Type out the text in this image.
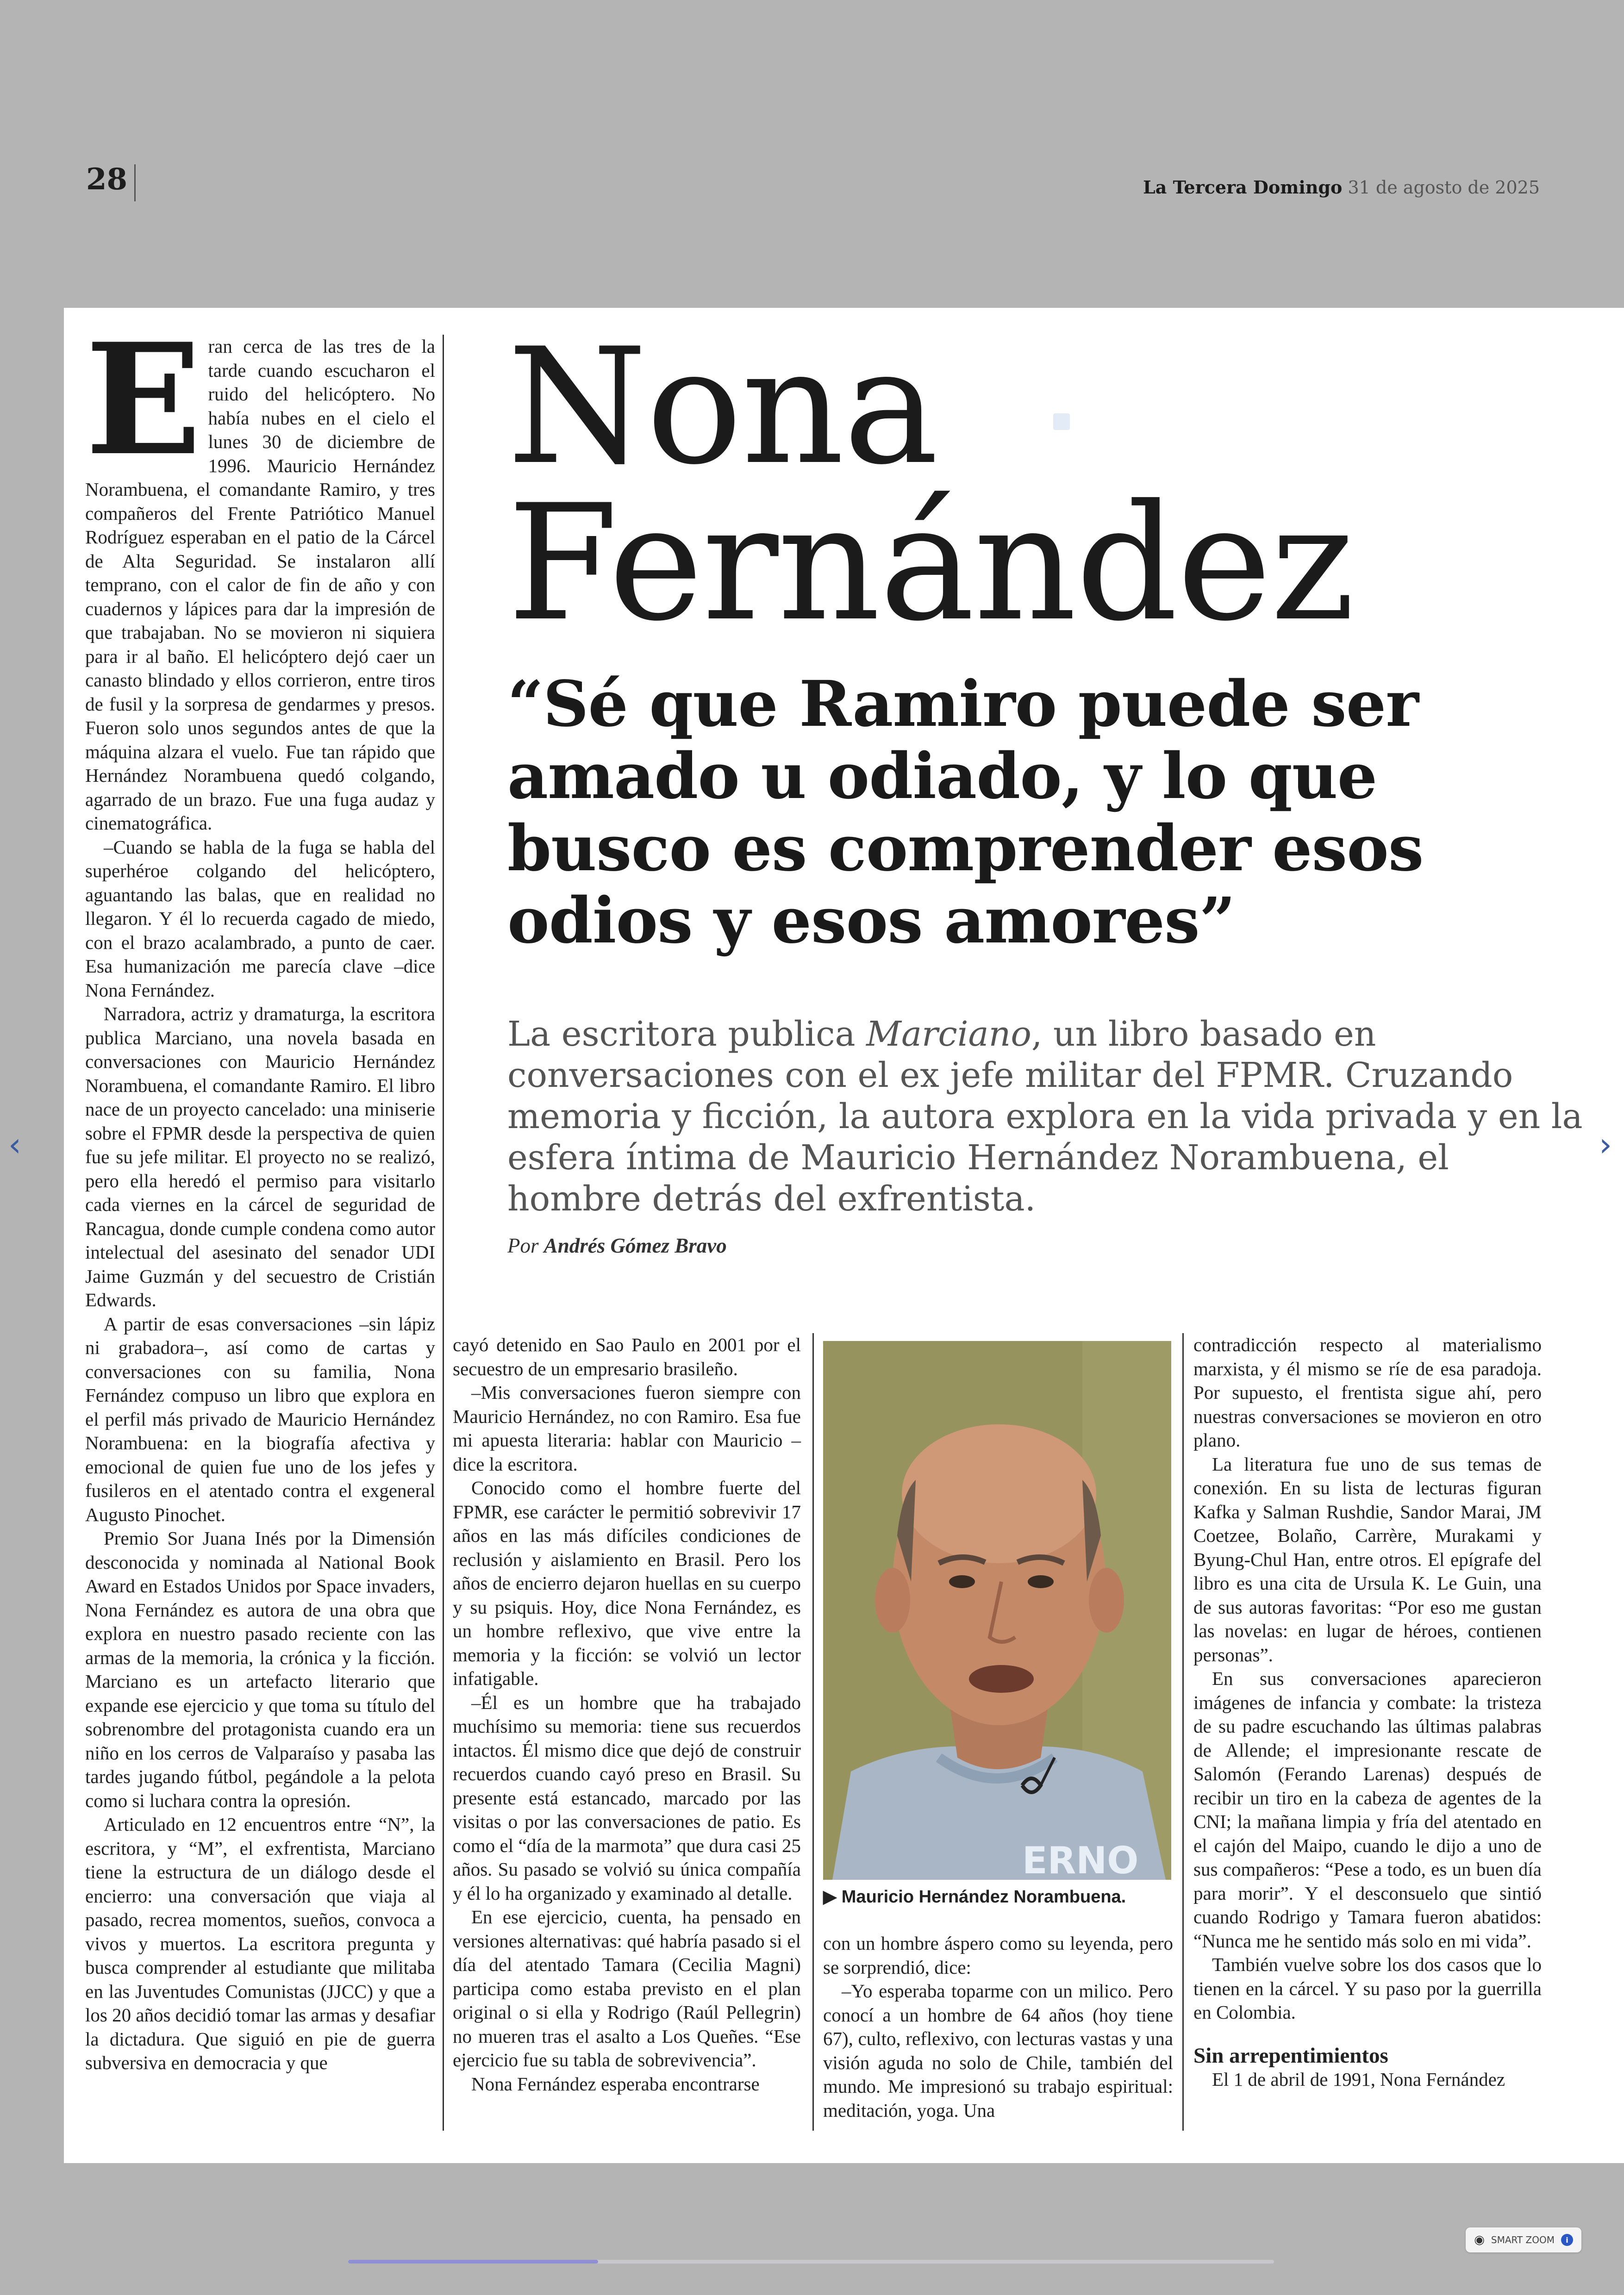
28	La Tercera Domingo 31 de agosto de 2025
E ran cerca de las tres de la tarde cuando escucharon el ruido del helicóptero. No había nubes en el cielo el lunes 30 de diciembre de 1996. Mauricio Hernández Norambuena, el comandante Ramiro, y tres compañeros del Frente Patriótico Manuel Rodríguez esperaban en el patio de la Cárcel de Alta Seguridad. Se instalaron allí temprano, con el calor de fin de año y con cuadernos y lápices para dar la impresión de que trabajaban. No se movieron ni siquiera para ir al baño. El helicóptero dejó caer un canasto blindado y ellos corrieron, entre tiros de fusil y la sorpresa de gendarmes y presos. Fueron solo unos segundos antes de que la máquina alzara el vuelo. Fue tan rápido que Hernández Norambuena quedó colgando, agarrado de un brazo. Fue una fuga audaz y cinematográfica.

–Cuando se habla de la fuga se habla del superhéroe colgando del helicóptero, aguantando las balas, que en realidad no llegaron. Y él lo recuerda cagado de miedo, con el brazo acalambrado, a punto de caer. Esa humanización me parecía clave –dice Nona Fernández.

Narradora, actriz y dramaturga, la escritora publica Marciano, una novela basada en conversaciones con Mauricio Hernández Norambuena, el comandante Ramiro. El libro nace de un proyecto cancelado: una miniserie sobre el FPMR desde la perspectiva de quien fue su jefe militar. El proyecto no se realizó, pero ella heredó el permiso para visitarlo cada viernes en la cárcel de seguridad de Rancagua, donde cumple condena como autor intelectual del asesinato del senador UDI Jaime Guzmán y del secuestro de Cristián Edwards.

A partir de esas conversaciones –sin lápiz ni grabadora–, así como de cartas y conversaciones con su familia, Nona Fernández compuso un libro que explora en el perfil más privado de Mauricio Hernández Norambuena: en la biografía afectiva y emocional de quien fue uno de los jefes y fusileros en el atentado contra el exgeneral Augusto Pinochet.

Premio Sor Juana Inés por la Dimensión desconocida y nominada al National Book Award en Estados Unidos por Space invaders, Nona Fernández es autora de una obra que explora en nuestro pasado reciente con las armas de la memoria, la crónica y la ficción. Marciano es un artefacto literario que expande ese ejercicio y que toma su título del sobrenombre del protagonista cuando era un niño en los cerros de Valparaíso y pasaba las tardes jugando fútbol, pegándole a la pelota como si luchara contra la opresión.

Articulado en 12 encuentros entre “N”, la escritora, y “M”, el exfrentista, Marciano tiene la estructura de un diálogo desde el encierro: una conversación que viaja al pasado, recrea momentos, sueños, convoca a vivos y muertos. La escritora pregunta y busca comprender al estudiante que militaba en las Juventudes Comunistas (JJCC) y que a los 20 años decidió tomar las armas y desafiar la dictadura. Que siguió en pie de guerra subversiva en democracia y que

Nona
Fernández
“Sé que Ramiro puede ser amado u odiado, y lo que busco es comprender esos odios y esos amores”
La escritora publica Marciano, un libro basado en conversaciones con el ex jefe militar del FPMR. Cruzando memoria y ficción, la autora explora en la vida privada y en la esfera íntima de Mauricio Hernández Norambuena, el hombre detrás del exfrentista.
Por Andrés Gómez Bravo

cayó detenido en Sao Paulo en 2001 por el secuestro de un empresario brasileño.

–Mis conversaciones fueron siempre con Mauricio Hernández, no con Ramiro. Esa fue mi apuesta literaria: hablar con Mauricio –dice la escritora.

Conocido como el hombre fuerte del FPMR, ese carácter le permitió sobrevivir 17 años en las más difíciles condiciones de reclusión y aislamiento en Brasil. Pero los años de encierro dejaron huellas en su cuerpo y su psiquis. Hoy, dice Nona Fernández, es un hombre reflexivo, que vive entre la memoria y la ficción: se volvió un lector infatigable.

–Él es un hombre que ha trabajado muchísimo su memoria: tiene sus recuerdos intactos. Él mismo dice que dejó de construir recuerdos cuando cayó preso en Brasil. Su presente está estancado, marcado por las visitas o por las conversaciones de patio. Es como el “día de la marmota” que dura casi 25 años. Su pasado se volvió su única compañía y él lo ha organizado y examinado al detalle.

En ese ejercicio, cuenta, ha pensado en versiones alternativas: qué habría pasado si el día del atentado Tamara (Cecilia Magni) participa como estaba previsto en el plan original o si ella y Rodrigo (Raúl Pellegrin) no mueren tras el asalto a Los Queñes. “Ese ejercicio fue su tabla de sobrevivencia”.

Nona Fernández esperaba encontrarse

ERNO
▶ Mauricio Hernández Norambuena.

con un hombre áspero como su leyenda, pero se sorprendió, dice:

–Yo esperaba toparme con un milico. Pero conocí a un hombre de 64 años (hoy tiene 67), culto, reflexivo, con lecturas vastas y una visión aguda no solo de Chile, también del mundo. Me impresionó su trabajo espiritual: meditación, yoga. Una

contradicción respecto al materialismo marxista, y él mismo se ríe de esa paradoja. Por supuesto, el frentista sigue ahí, pero nuestras conversaciones se movieron en otro plano.

La literatura fue uno de sus temas de conexión. En su lista de lecturas figuran Kafka y Salman Rushdie, Sandor Marai, JM Coetzee, Bolaño, Carrère, Murakami y Byung-Chul Han, entre otros. El epígrafe del libro es una cita de Ursula K. Le Guin, una de sus autoras favoritas: “Por eso me gustan las novelas: en lugar de héroes, contienen personas”.

En sus conversaciones aparecieron imágenes de infancia y combate: la tristeza de su padre escuchando las últimas palabras de Allende; el impresionante rescate de Salomón (Ferando Larenas) después de recibir un tiro en la cabeza de agentes de la CNI; la mañana limpia y fría del atentado en el cajón del Maipo, cuando le dijo a uno de sus compañeros: “Pese a todo, es un buen día para morir”. Y el desconsuelo que sintió cuando Rodrigo y Tamara fueron abatidos: “Nunca me he sentido más solo en mi vida”.

También vuelve sobre los dos casos que lo tienen en la cárcel. Y su paso por la guerrilla en Colombia.

Sin arrepentimientos

El 1 de abril de 1991, Nona Fernández

‹	›
◉ SMART ZOOM	i
